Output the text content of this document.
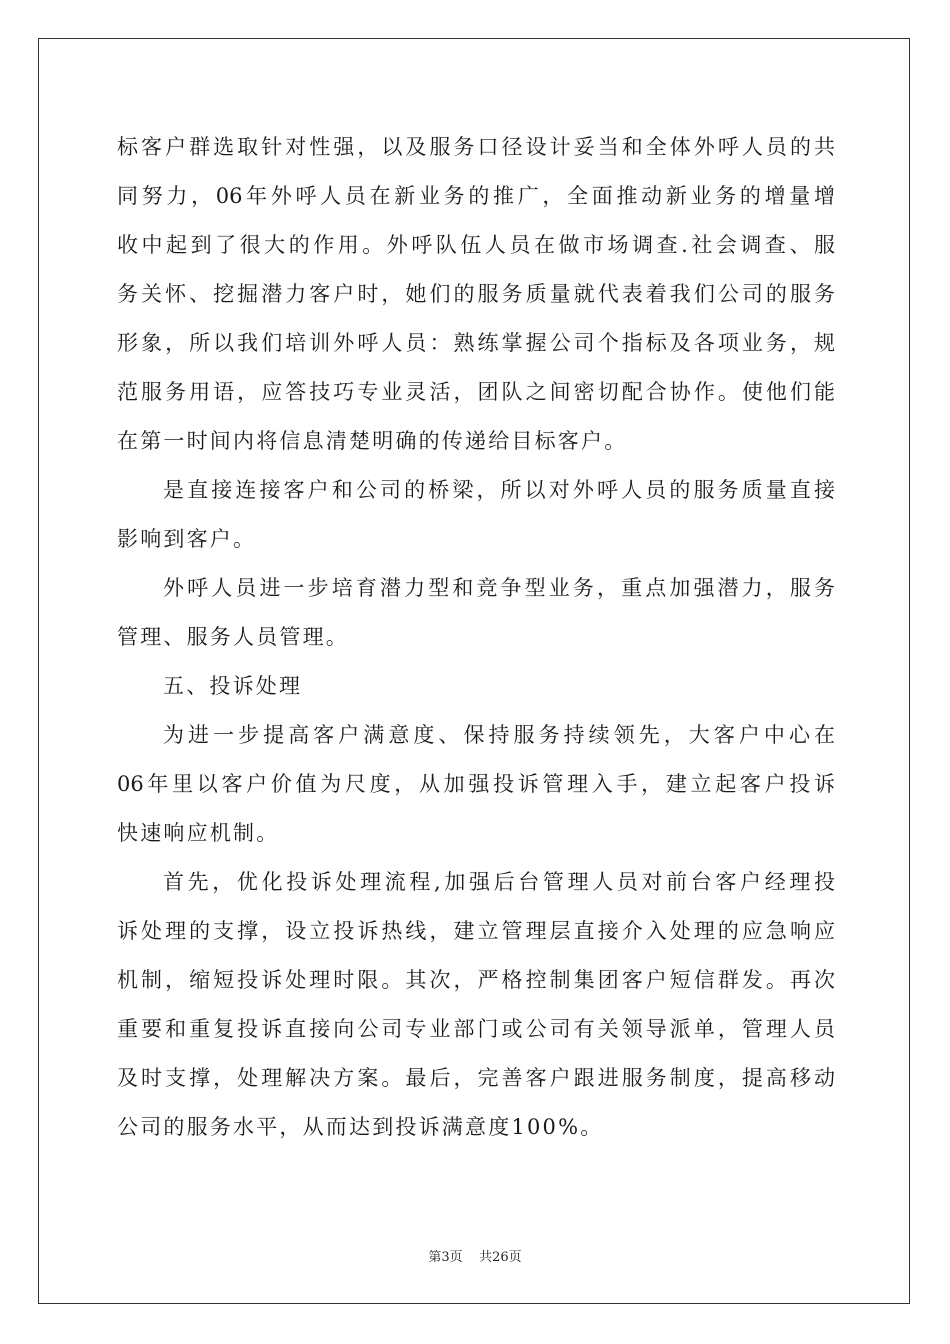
标客户群选取针对性强，以及服务口径设计妥当和全体外呼人员的共
同努力，06年外呼人员在新业务的推广，全面推动新业务的增量增
收中起到了很大的作用。外呼队伍人员在做市场调查.社会调查、服
务关怀、挖掘潜力客户时，她们的服务质量就代表着我们公司的服务
形象，所以我们培训外呼人员：熟练掌握公司个指标及各项业务，规
范服务用语，应答技巧专业灵活，团队之间密切配合协作。使他们能
在第一时间内将信息清楚明确的传递给目标客户。
是直接连接客户和公司的桥梁，所以对外呼人员的服务质量直接
影响到客户。
外呼人员进一步培育潜力型和竞争型业务，重点加强潜力，服务
管理、服务人员管理。
五、投诉处理
为进一步提高客户满意度、保持服务持续领先，大客户中心在
06年里以客户价值为尺度，从加强投诉管理入手，建立起客户投诉
快速响应机制。
首先，优化投诉处理流程,加强后台管理人员对前台客户经理投
诉处理的支撑，设立投诉热线，建立管理层直接介入处理的应急响应
机制，缩短投诉处理时限。其次，严格控制集团客户短信群发。再次
重要和重复投诉直接向公司专业部门或公司有关领导派单，管理人员
及时支撑，处理解决方案。最后，完善客户跟进服务制度，提高移动
公司的服务水平，从而达到投诉满意度100%。
第3页 共26页
